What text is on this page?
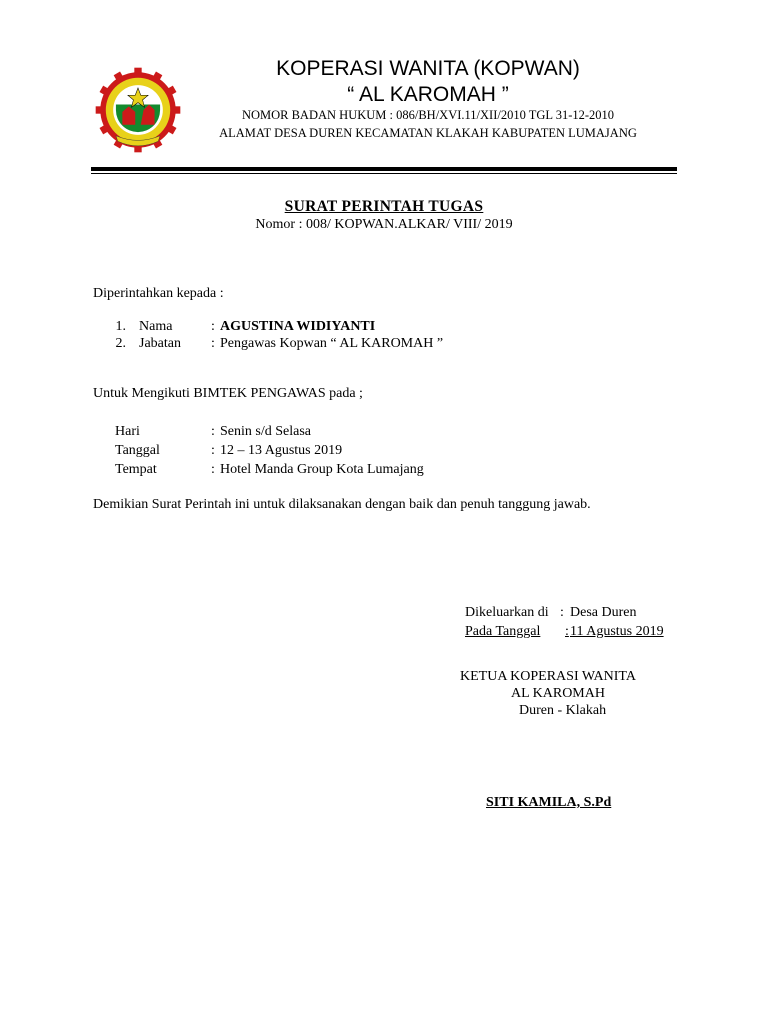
KOPERASI WANITA (KOPWAN)
“ AL KAROMAH ”
NOMOR BADAN HUKUM : 086/BH/XVI.11/XII/2010 TGL 31-12-2010
ALAMAT DESA DUREN KECAMATAN KLAKAH KABUPATEN LUMAJANG
SURAT PERINTAH TUGAS
Nomor : 008/ KOPWAN.ALKAR/ VIII/ 2019
Diperintahkan kepada :
1. Nama	: AGUSTINA WIDIYANTI
2. Jabatan : Pengawas Kopwan “ AL KAROMAH ”
Untuk Mengikuti BIMTEK PENGAWAS pada ;
Hari	: Senin s/d Selasa
Tanggal	: 12 – 13 Agustus 2019
Tempat	: Hotel Manda Group Kota Lumajang
Demikian Surat Perintah ini untuk dilaksanakan dengan baik dan penuh tanggung jawab.
Dikeluarkan di : Desa Duren
Pada Tanggal	: 11 Agustus 2019
KETUA KOPERASI WANITA
AL KAROMAH
Duren - Klakah
SITI KAMILA, S.Pd
